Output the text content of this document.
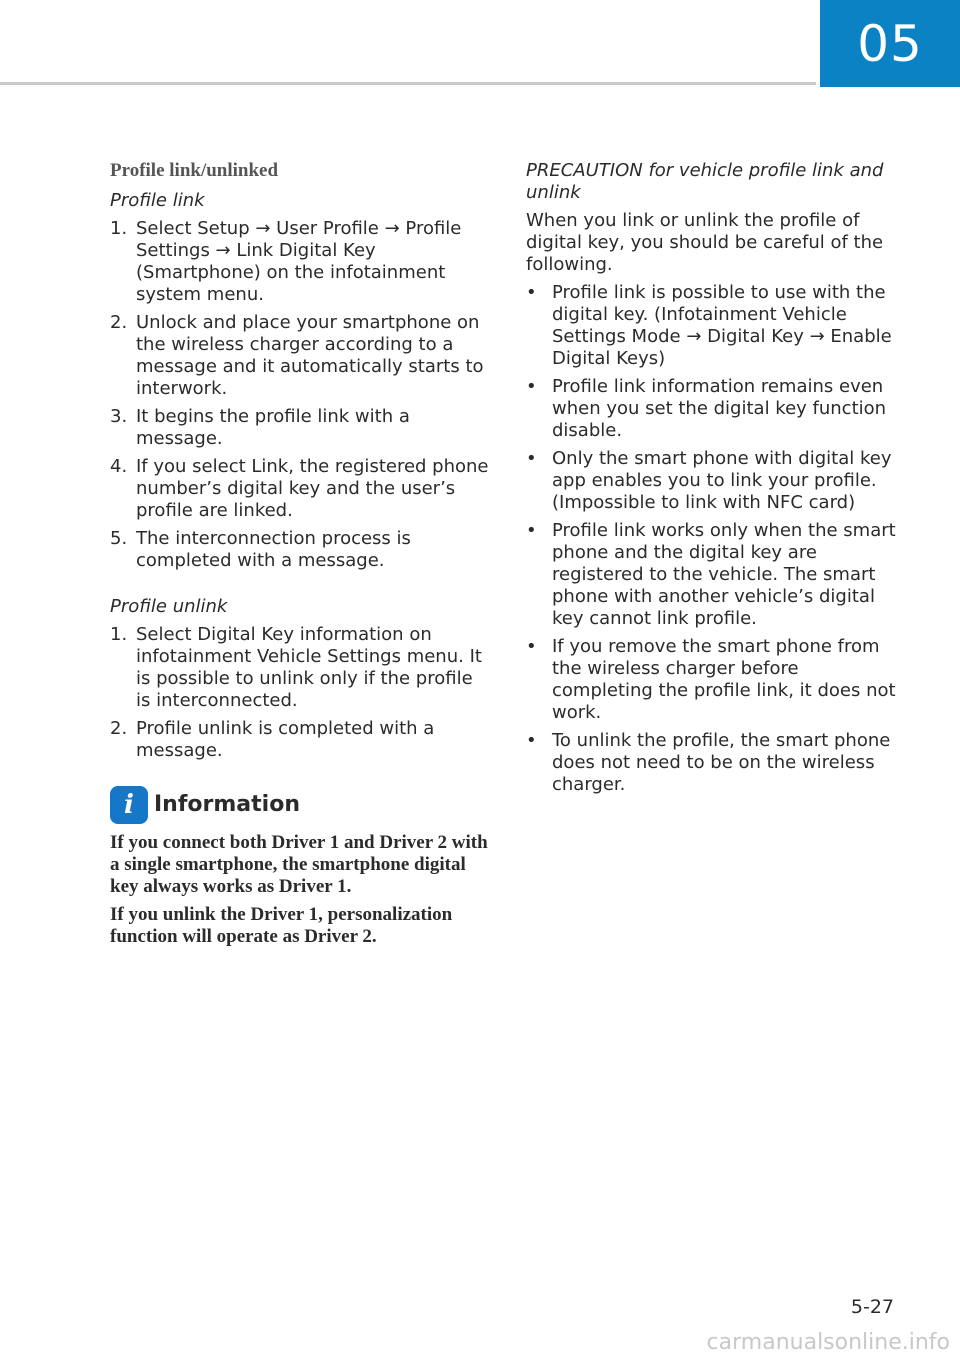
05
Profile link/unlinked
Profile link
1. Select Setup → User Profile → Profile Settings → Link Digital Key (Smartphone) on the infotainment system menu.
2. Unlock and place your smartphone on the wireless charger according to a message and it automatically starts to interwork.
3. It begins the profile link with a message.
4. If you select Link, the registered phone number’s digital key and the user’s profile are linked.
5. The interconnection process is completed with a message.
Profile unlink
1. Select Digital Key information on infotainment Vehicle Settings menu. It is possible to unlink only if the profile is interconnected.
2. Profile unlink is completed with a message.
i Information

If you connect both Driver 1 and Driver 2 with a single smartphone, the smartphone digital key always works as Driver 1.

If you unlink the Driver 1, personalization function will operate as Driver 2.

PRECAUTION for vehicle profile link and unlink

When you link or unlink the profile of digital key, you should be careful of the following.

• Profile link is possible to use with the digital key. (Infotainment Vehicle Settings Mode → Digital Key → Enable Digital Keys)
• Profile link information remains even when you set the digital key function disable.
• Only the smart phone with digital key app enables you to link your profile. (Impossible to link with NFC card)
• Profile link works only when the smart phone and the digital key are registered to the vehicle. The smart phone with another vehicle’s digital key cannot link profile.
• If you remove the smart phone from the wireless charger before completing the profile link, it does not work.
• To unlink the profile, the smart phone does not need to be on the wireless charger.
5-27
carmanualsonline.info
